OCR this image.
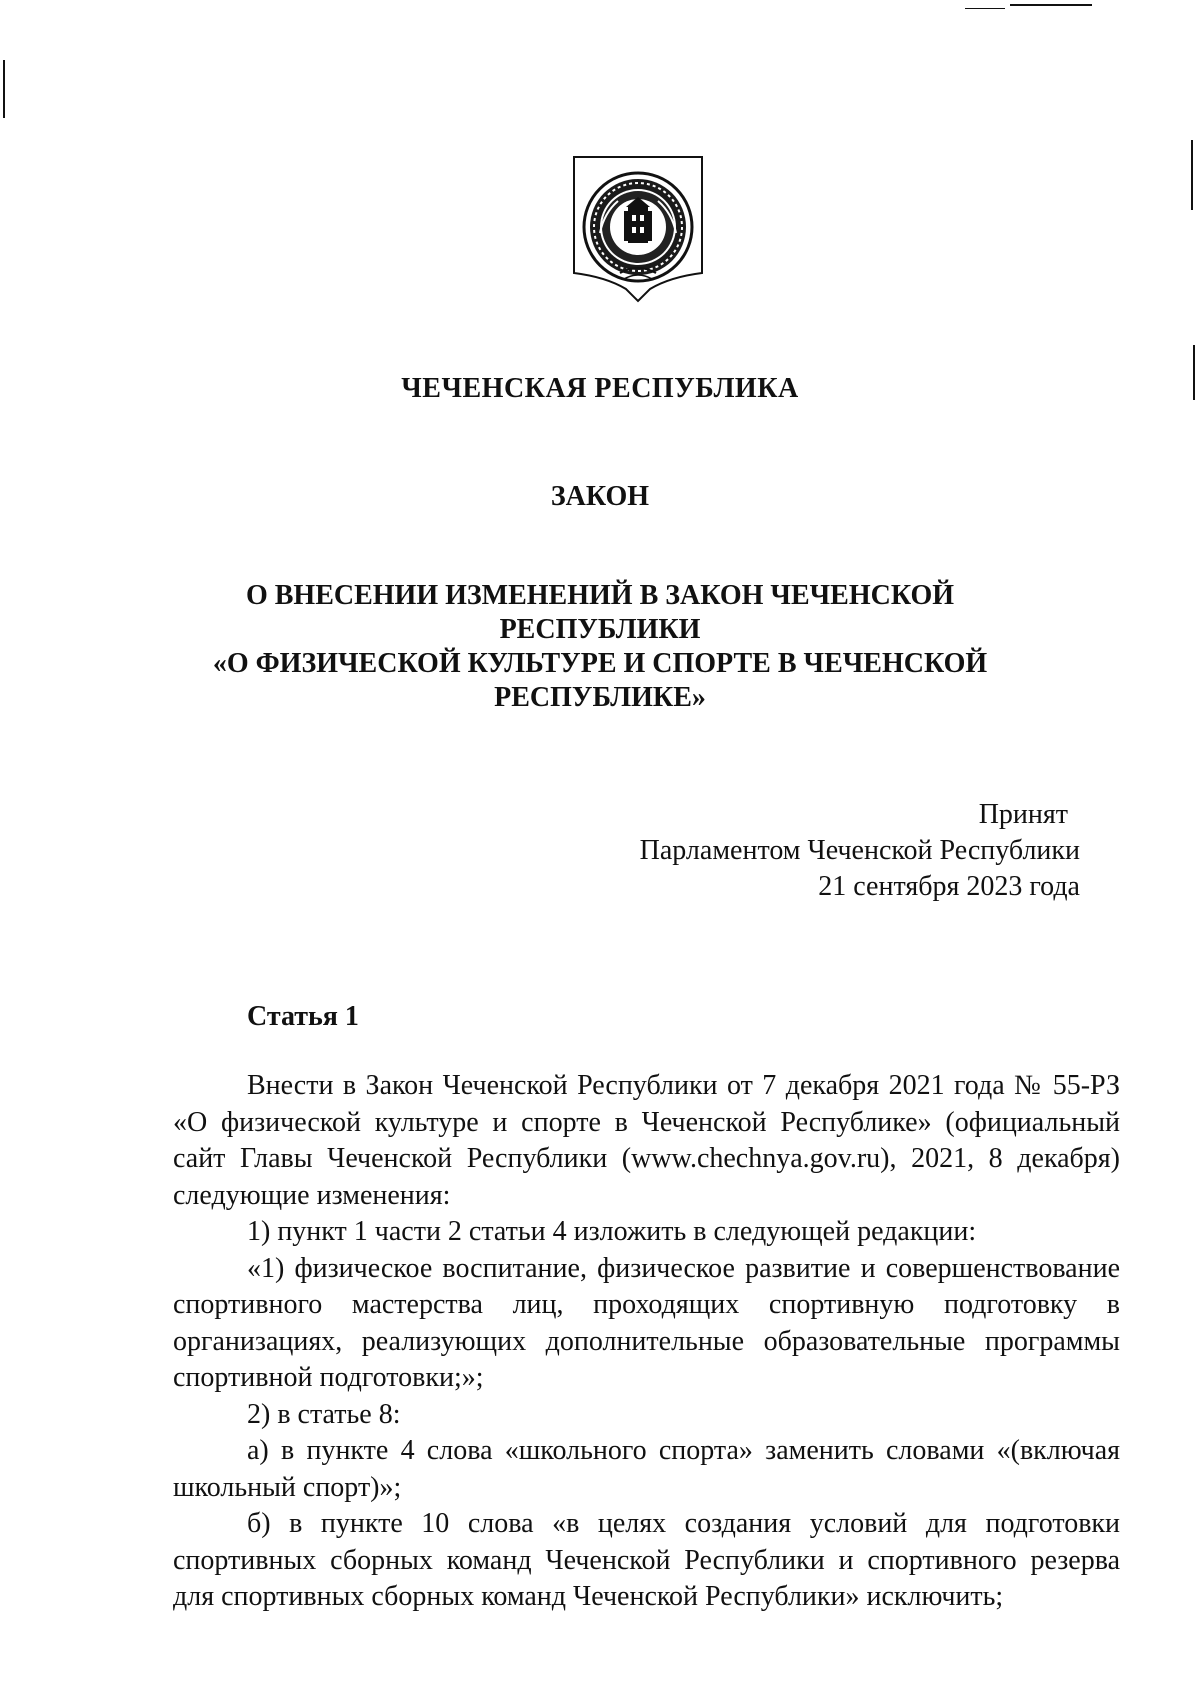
ЧЕЧЕНСКАЯ РЕСПУБЛИКА
ЗАКОН
О ВНЕСЕНИИ ИЗМЕНЕНИЙ В ЗАКОН ЧЕЧЕНСКОЙ РЕСПУБЛИКИ
«О ФИЗИЧЕСКОЙ КУЛЬТУРЕ И СПОРТЕ В ЧЕЧЕНСКОЙ
РЕСПУБЛИКЕ»
Принят
Парламентом Чеченской Республики
21 сентября 2023 года
Статья 1

Внести в Закон Чеченской Республики от 7 декабря 2021 года № 55-РЗ «О физической культуре и спорте в Чеченской Республике» (официальный сайт Главы Чеченской Республики (www.chechnya.gov.ru), 2021, 8 декабря) следующие изменения:

1) пункт 1 части 2 статьи 4 изложить в следующей редакции:

«1) физическое воспитание, физическое развитие и совершенствование спортивного мастерства лиц, проходящих спортивную подготовку в организациях, реализующих дополнительные образовательные программы спортивной подготовки;»;

2) в статье 8:

а) в пункте 4 слова «школьного спорта» заменить словами «(включая школьный спорт)»;

б) в пункте 10 слова «в целях создания условий для подготовки спортивных сборных команд Чеченской Республики и спортивного резерва для спортивных сборных команд Чеченской Республики» исключить;
